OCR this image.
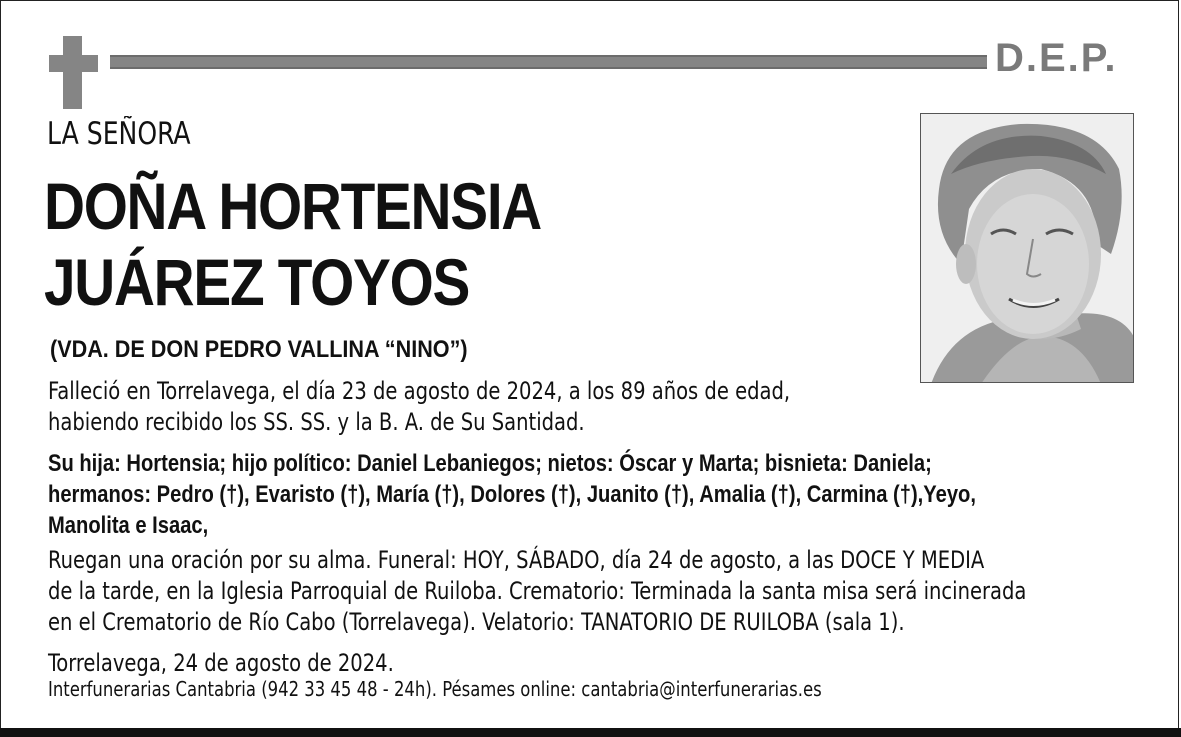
D.E.P.
LA SEÑORA
DOÑA HORTENSIA
JUÁREZ TOYOS
(VDA. DE DON PEDRO VALLINA “NINO”)
Falleció en Torrelavega, el día 23 de agosto de 2024, a los 89 años de edad,
habiendo recibido los SS. SS. y la B. A. de Su Santidad.
Su hija: Hortensia; hijo político: Daniel Lebaniegos; nietos: Óscar y Marta; bisnieta: Daniela;
hermanos: Pedro (†), Evaristo (†), María (†), Dolores (†), Juanito (†), Amalia (†), Carmina (†),Yeyo,
Manolita e Isaac,
Ruegan una oración por su alma. Funeral: HOY, SÁBADO, día 24 de agosto, a las DOCE Y MEDIA
de la tarde, en la Iglesia Parroquial de Ruiloba. Crematorio: Terminada la santa misa será incinerada
en el Crematorio de Río Cabo (Torrelavega). Velatorio: TANATORIO DE RUILOBA (sala 1).
Torrelavega, 24 de agosto de 2024.
Interfunerarias Cantabria (942 33 45 48 - 24h). Pésames online: cantabria@interfunerarias.es
